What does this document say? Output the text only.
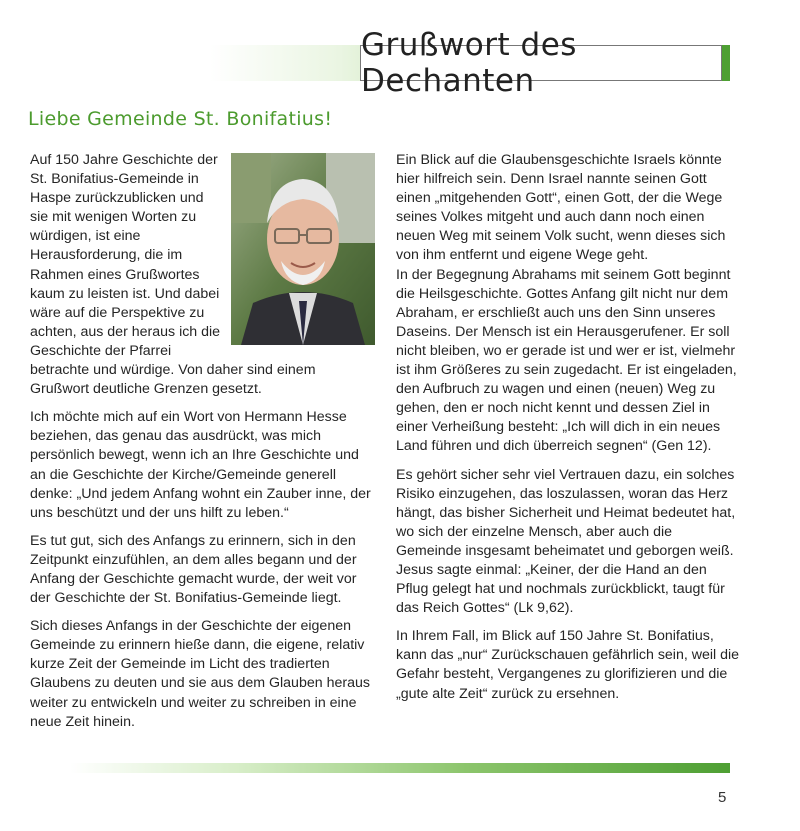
Grußwort des Dechanten
Liebe Gemeinde St. Bonifatius!

Auf 150 Jahre Geschichte der St. Bonifatius-Gemeinde in Haspe zurückzublicken und sie mit wenigen Worten zu würdigen, ist eine Herausforderung, die im Rahmen eines Grußwortes kaum zu leisten ist. Und dabei wäre auf die Perspektive zu achten, aus der heraus ich die Geschichte der Pfarrei betrachte und würdige. Von daher sind einem Grußwort deutliche Grenzen gesetzt.

Ich möchte mich auf ein Wort von Hermann Hesse beziehen, das genau das ausdrückt, was mich persönlich bewegt, wenn ich an Ihre Geschichte und an die Geschichte der Kirche/Gemeinde generell denke: „Und jedem Anfang wohnt ein Zauber inne, der uns beschützt und der uns hilft zu leben.“

Es tut gut, sich des Anfangs zu erinnern, sich in den Zeitpunkt einzufühlen, an dem alles begann und der Anfang der Geschichte gemacht wurde, der weit vor der Geschichte der St. Bonifatius-Gemeinde liegt.

Sich dieses Anfangs in der Geschichte der eigenen Gemeinde zu erinnern hieße dann, die eigene, relativ kurze Zeit der Gemeinde im Licht des tradierten Glaubens zu deuten und sie aus dem Glauben heraus weiter zu entwickeln und weiter zu schreiben in eine neue Zeit hinein.

Ein Blick auf die Glaubensgeschichte Israels könnte hier hilfreich sein. Denn Israel nannte seinen Gott einen „mitgehenden Gott“, einen Gott, der die Wege seines Volkes mitgeht und auch dann noch einen neuen Weg mit seinem Volk sucht, wenn dieses sich von ihm entfernt und eigene Wege geht.

In der Begegnung Abrahams mit seinem Gott beginnt die Heilsgeschichte. Gottes Anfang gilt nicht nur dem Abraham, er erschließt auch uns den Sinn unseres Daseins. Der Mensch ist ein Herausgerufener. Er soll nicht bleiben, wo er gerade ist und wer er ist, vielmehr ist ihm Größeres zu sein zugedacht. Er ist eingeladen, den Aufbruch zu wagen und einen (neuen) Weg zu gehen, den er noch nicht kennt und dessen Ziel in einer Verheißung besteht: „Ich will dich in ein neues Land führen und dich überreich segnen“ (Gen 12).

Es gehört sicher sehr viel Vertrauen dazu, ein solches Risiko einzugehen, das loszulassen, woran das Herz hängt, das bisher Sicherheit und Heimat bedeutet hat, wo sich der einzelne Mensch, aber auch die Gemeinde insgesamt beheimatet und geborgen weiß.

Jesus sagte einmal: „Keiner, der die Hand an den Pflug gelegt hat und nochmals zurückblickt, taugt für das Reich Gottes“ (Lk 9,62).

In Ihrem Fall, im Blick auf 150 Jahre St. Bonifatius, kann das „nur“ Zurückschauen gefährlich sein, weil die Gefahr besteht, Vergangenes zu glorifizieren und die „gute alte Zeit“ zurück zu ersehnen.

5
